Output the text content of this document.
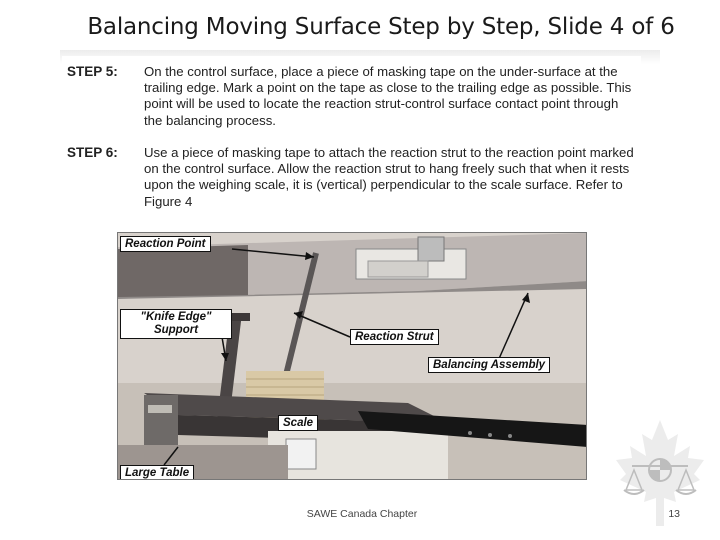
Balancing Moving Surface Step by Step, Slide 4 of 6
STEP 5:	On the control surface, place a piece of masking tape on the under-surface at the trailing edge. Mark a point on the tape as close to the trailing edge as possible. This point will be used to locate the reaction strut-control surface contact point through the balancing process.
STEP 6:	Use a piece of masking tape to attach the reaction strut to the reaction point marked on the control surface. Allow the reaction strut to hang freely such that when it rests upon the weighing scale, it is (vertical) perpendicular to the scale surface. Refer to Figure 4
Reaction Point
"Knife Edge" Support
Reaction Strut
Balancing Assembly
Scale
Large Table
SAWE Canada Chapter	13
